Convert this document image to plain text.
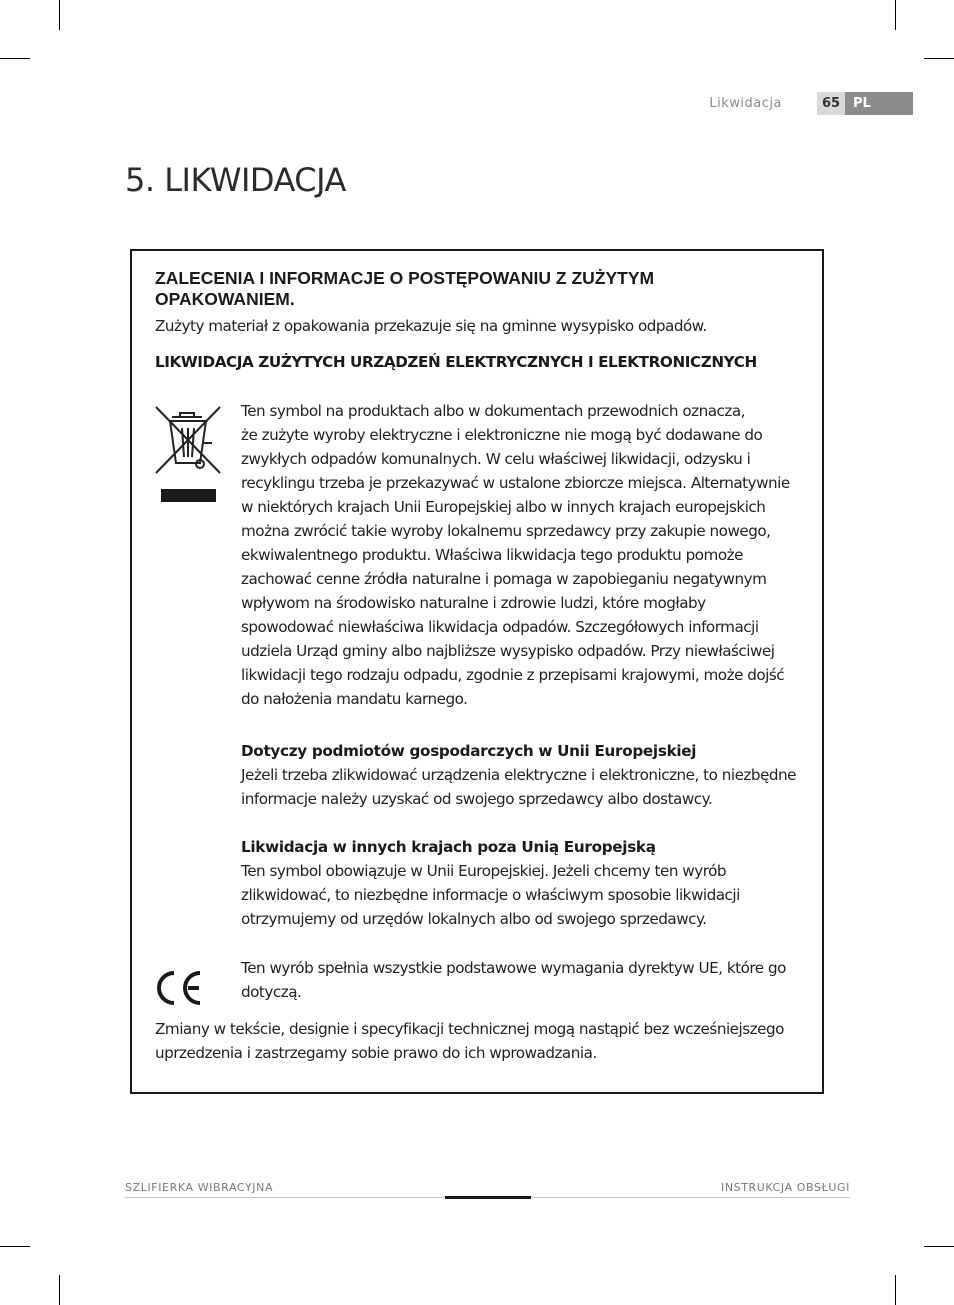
Likwidacja	65 PL
5. LIKWIDACJA
ZALECENIA I INFORMACJE O POSTĘPOWANIU Z ZUŻYTYM
OPAKOWANIEM.
Zużyty materiał z opakowania przekazuje się na gminne wysypisko odpadów.
LIKWIDACJA ZUŻYTYCH URZĄDZEŃ ELEKTRYCZNYCH I ELEKTRONICZNYCH
Ten symbol na produktach albo w dokumentach przewodnich oznacza,
że zużyte wyroby elektryczne i elektroniczne nie mogą być dodawane do
zwykłych odpadów komunalnych. W celu właściwej likwidacji, odzysku i
recyklingu trzeba je przekazywać w ustalone zbiorcze miejsca. Alternatywnie
w niektórych krajach Unii Europejskiej albo w innych krajach europejskich
można zwrócić takie wyroby lokalnemu sprzedawcy przy zakupie nowego,
ekwiwalentnego produktu. Właściwa likwidacja tego produktu pomoże
zachować cenne źródła naturalne i pomaga w zapobieganiu negatywnym
wpływom na środowisko naturalne i zdrowie ludzi, które mogłaby
spowodować niewłaściwa likwidacja odpadów. Szczegółowych informacji
udziela Urząd gminy albo najbliższe wysypisko odpadów. Przy niewłaściwej
likwidacji tego rodzaju odpadu, zgodnie z przepisami krajowymi, może dojść
do nałożenia mandatu karnego.
Dotyczy podmiotów gospodarczych w Unii Europejskiej
Jeżeli trzeba zlikwidować urządzenia elektryczne i elektroniczne, to niezbędne
informacje należy uzyskać od swojego sprzedawcy albo dostawcy.
Likwidacja w innych krajach poza Unią Europejską
Ten symbol obowiązuje w Unii Europejskiej. Jeżeli chcemy ten wyrób
zlikwidować, to niezbędne informacje o właściwym sposobie likwidacji
otrzymujemy od urzędów lokalnych albo od swojego sprzedawcy.
Ten wyrób spełnia wszystkie podstawowe wymagania dyrektyw UE, które go
dotyczą.
Zmiany w tekście, designie i specyfikacji technicznej mogą nastąpić bez wcześniejszego
uprzedzenia i zastrzegamy sobie prawo do ich wprowadzania.
SZLIFIERKA WIBRACYJNA	INSTRUKCJA OBSŁUGI
